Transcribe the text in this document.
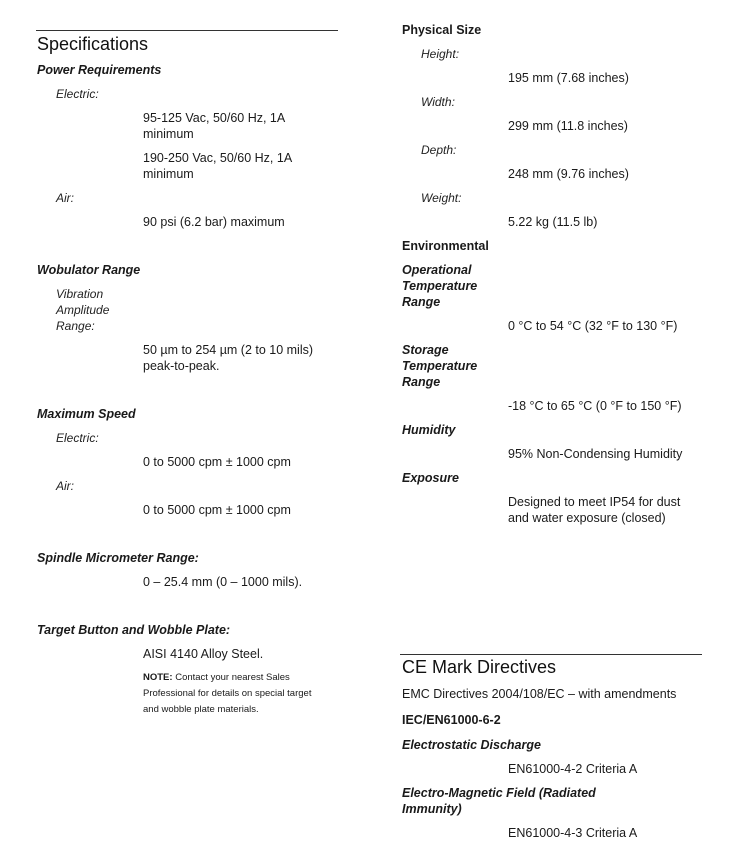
Specifications
Power Requirements
Electric:
95-125 Vac, 50/60 Hz, 1A
minimum
190-250 Vac, 50/60 Hz, 1A
minimum
Air:
90 psi (6.2 bar) maximum
Wobulator Range
Vibration
Amplitude
Range:
50 µm to 254 µm (2 to 10 mils)
peak-to-peak.
Maximum Speed
Electric:
0 to 5000 cpm ± 1000 cpm
Air:
0 to 5000 cpm ± 1000 cpm
Spindle Micrometer Range:
0 – 25.4 mm (0 – 1000 mils).
Target Button and Wobble Plate:
AISI 4140 Alloy Steel.
NOTE: Contact your nearest Sales
Professional for details on special target
and wobble plate materials.
Physical Size
Height:
195 mm (7.68 inches)
Width:
299 mm (11.8 inches)
Depth:
248 mm (9.76 inches)
Weight:
5.22 kg (11.5 lb)
Environmental
Operational
Temperature
Range
0 °C to 54 °C (32 °F to 130 °F)
Storage
Temperature
Range
-18 °C to 65 °C (0 °F to 150 °F)
Humidity
95% Non-Condensing Humidity
Exposure
Designed to meet IP54 for dust
and water exposure (closed)
CE Mark Directives
EMC Directives 2004/108/EC – with amendments
IEC/EN61000-6-2
Electrostatic Discharge
EN61000-4-2 Criteria A
Electro-Magnetic Field (Radiated
Immunity)
EN61000-4-3 Criteria A
